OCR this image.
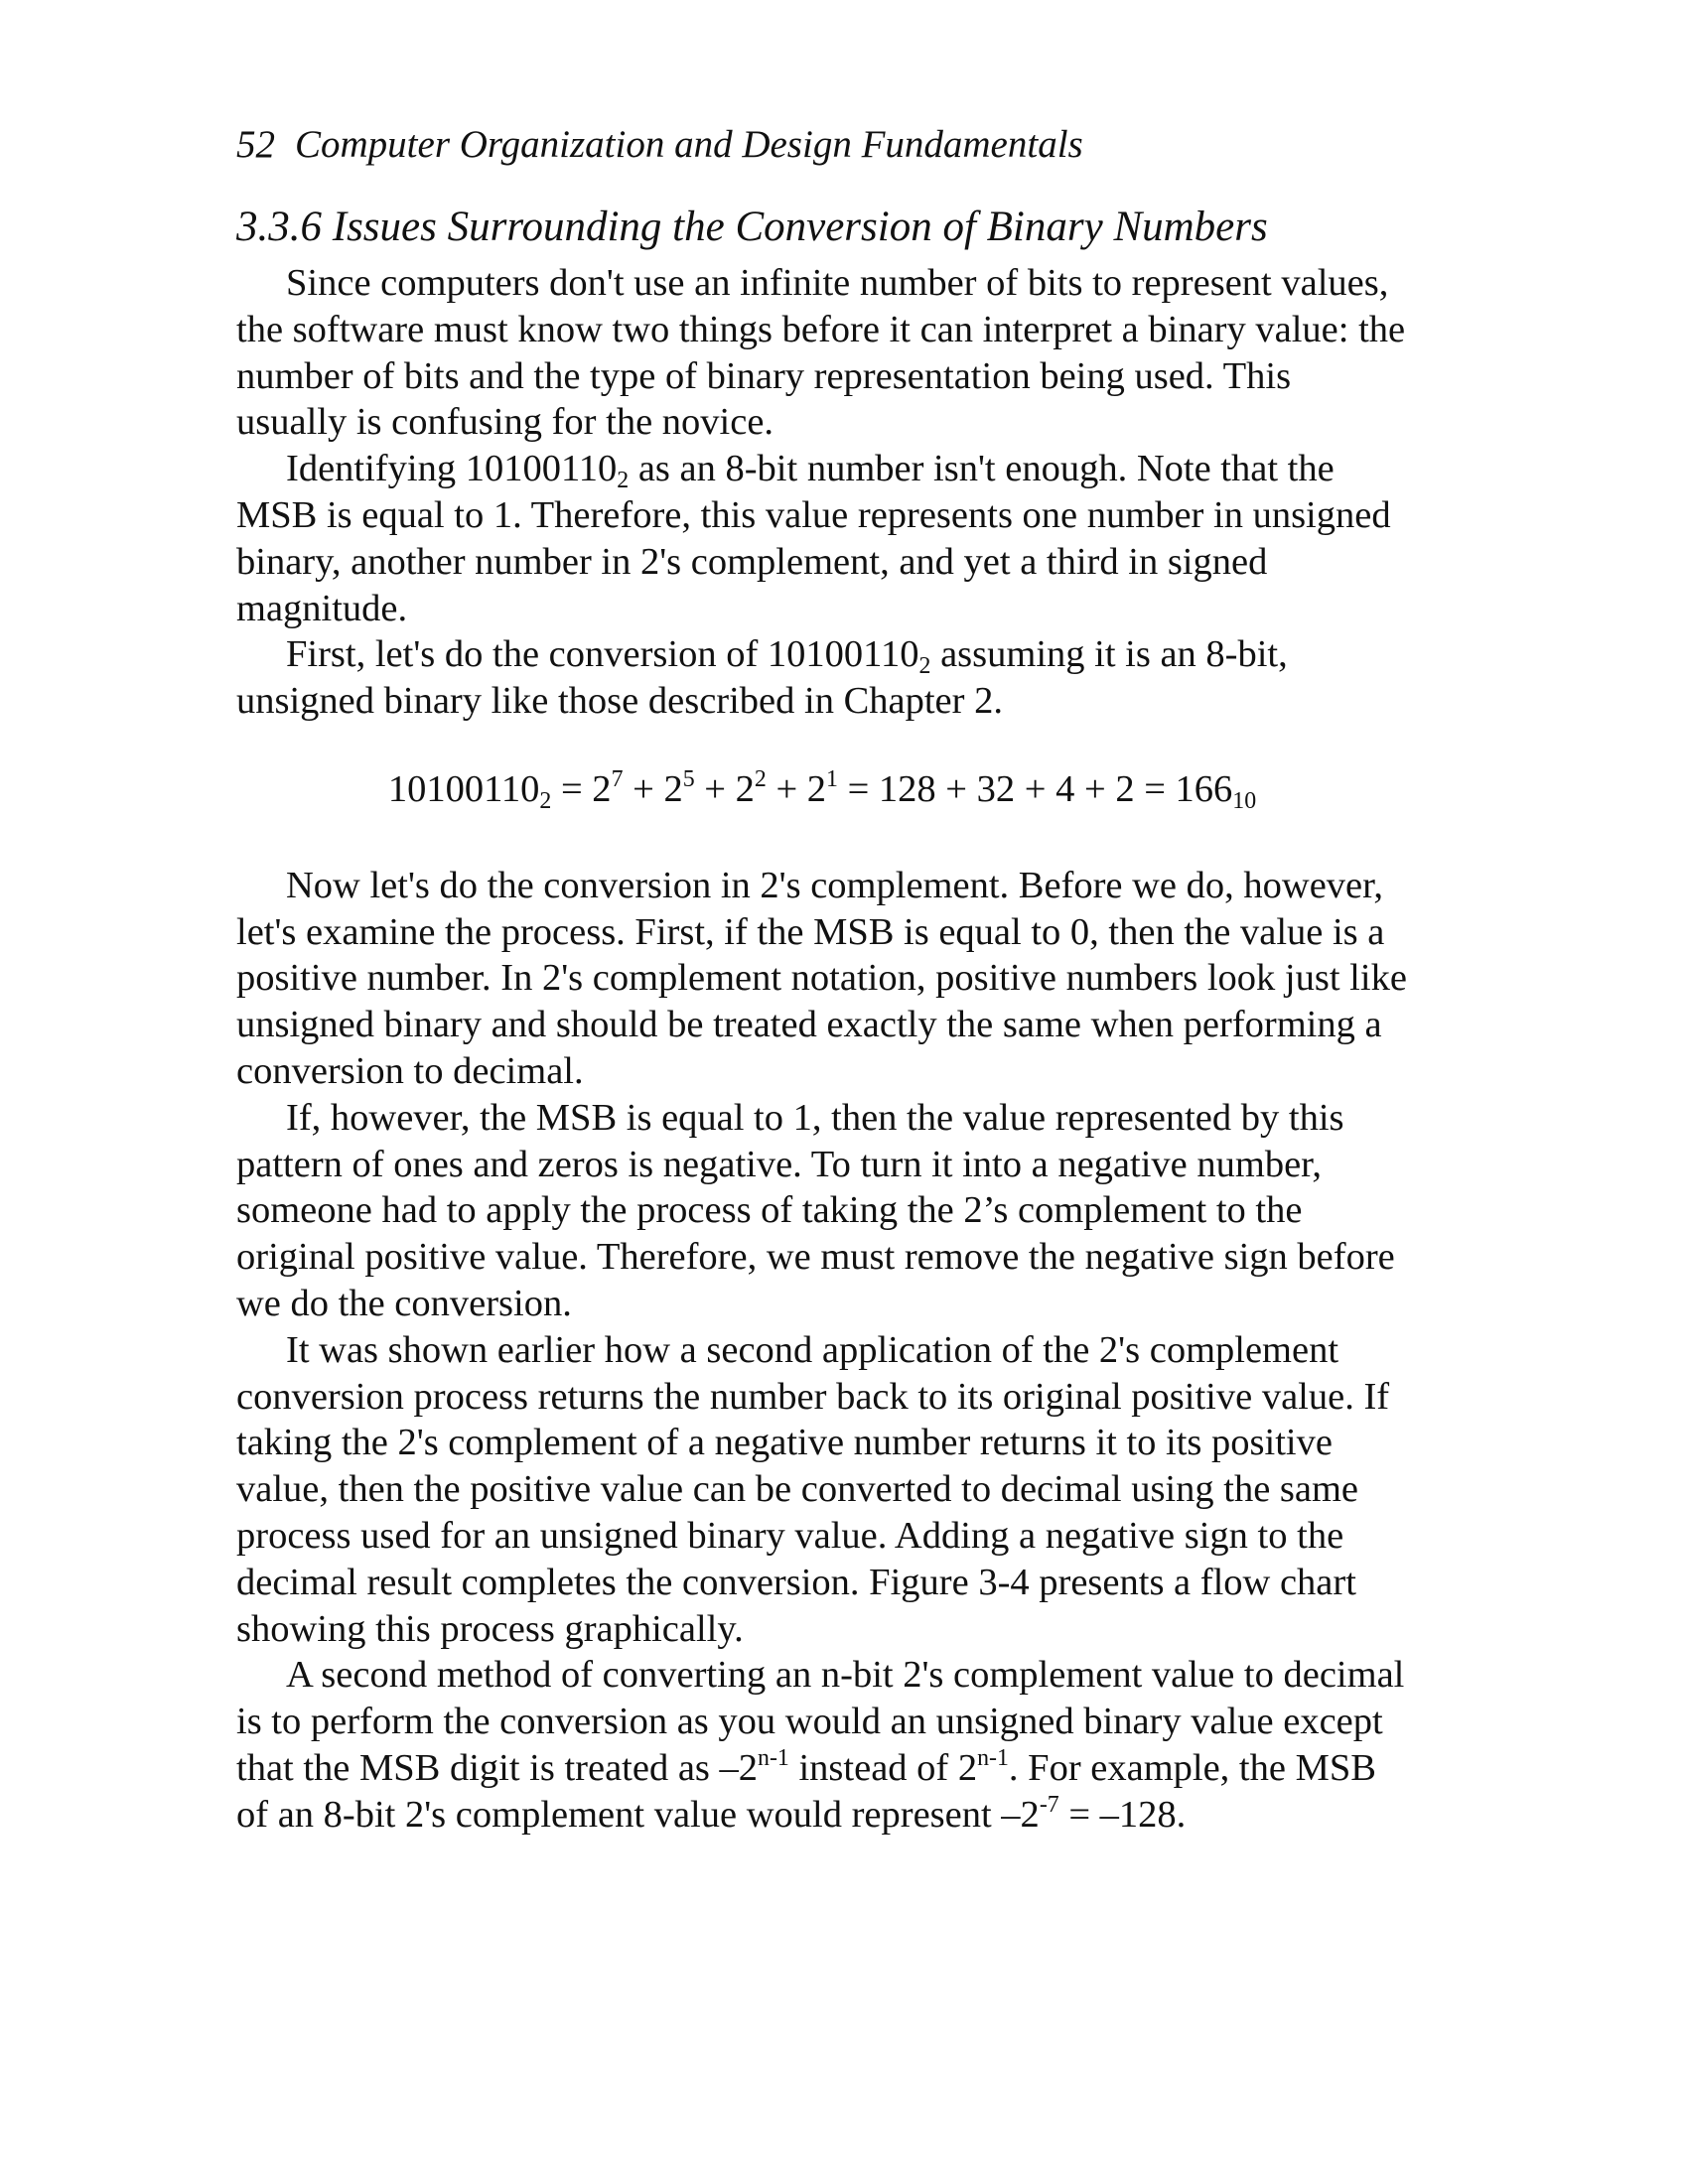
52 Computer Organization and Design Fundamentals
3.3.6 Issues Surrounding the Conversion of Binary Numbers

Since computers don't use an infinite number of bits to represent values, the software must know two things before it can interpret a binary value: the number of bits and the type of binary representation being used. This usually is confusing for the novice.

Identifying $10100110_2$ as an 8-bit number isn't enough. Note that the MSB is equal to 1. Therefore, this value represents one number in unsigned binary, another number in 2's complement, and yet a third in signed magnitude.

First, let's do the conversion of $10100110_2$ assuming it is an 8-bit, unsigned binary like those described in Chapter 2.

$10100110_2 = 2^7 + 2^5 + 2^2 + 2^1 = 128 + 32 + 4 + 2 = 166_{10}$

Now let's do the conversion in 2's complement. Before we do, however, let's examine the process. First, if the MSB is equal to 0, then the value is a positive number. In 2's complement notation, positive numbers look just like unsigned binary and should be treated exactly the same when performing a conversion to decimal.

If, however, the MSB is equal to 1, then the value represented by this pattern of ones and zeros is negative. To turn it into a negative number, someone had to apply the process of taking the 2’s complement to the original positive value. Therefore, we must remove the negative sign before we do the conversion.

It was shown earlier how a second application of the 2's complement conversion process returns the number back to its original positive value. If taking the 2's complement of a negative number returns it to its positive value, then the positive value can be converted to decimal using the same process used for an unsigned binary value. Adding a negative sign to the decimal result completes the conversion. Figure 3-4 presents a flow chart showing this process graphically.

A second method of converting an n-bit 2's complement value to decimal is to perform the conversion as you would an unsigned binary value except that the MSB digit is treated as –2$^{n-1}$ instead of 2$^{n-1}$. For example, the MSB of an 8-bit 2's complement value would represent $-2^{-7} = -128$.
